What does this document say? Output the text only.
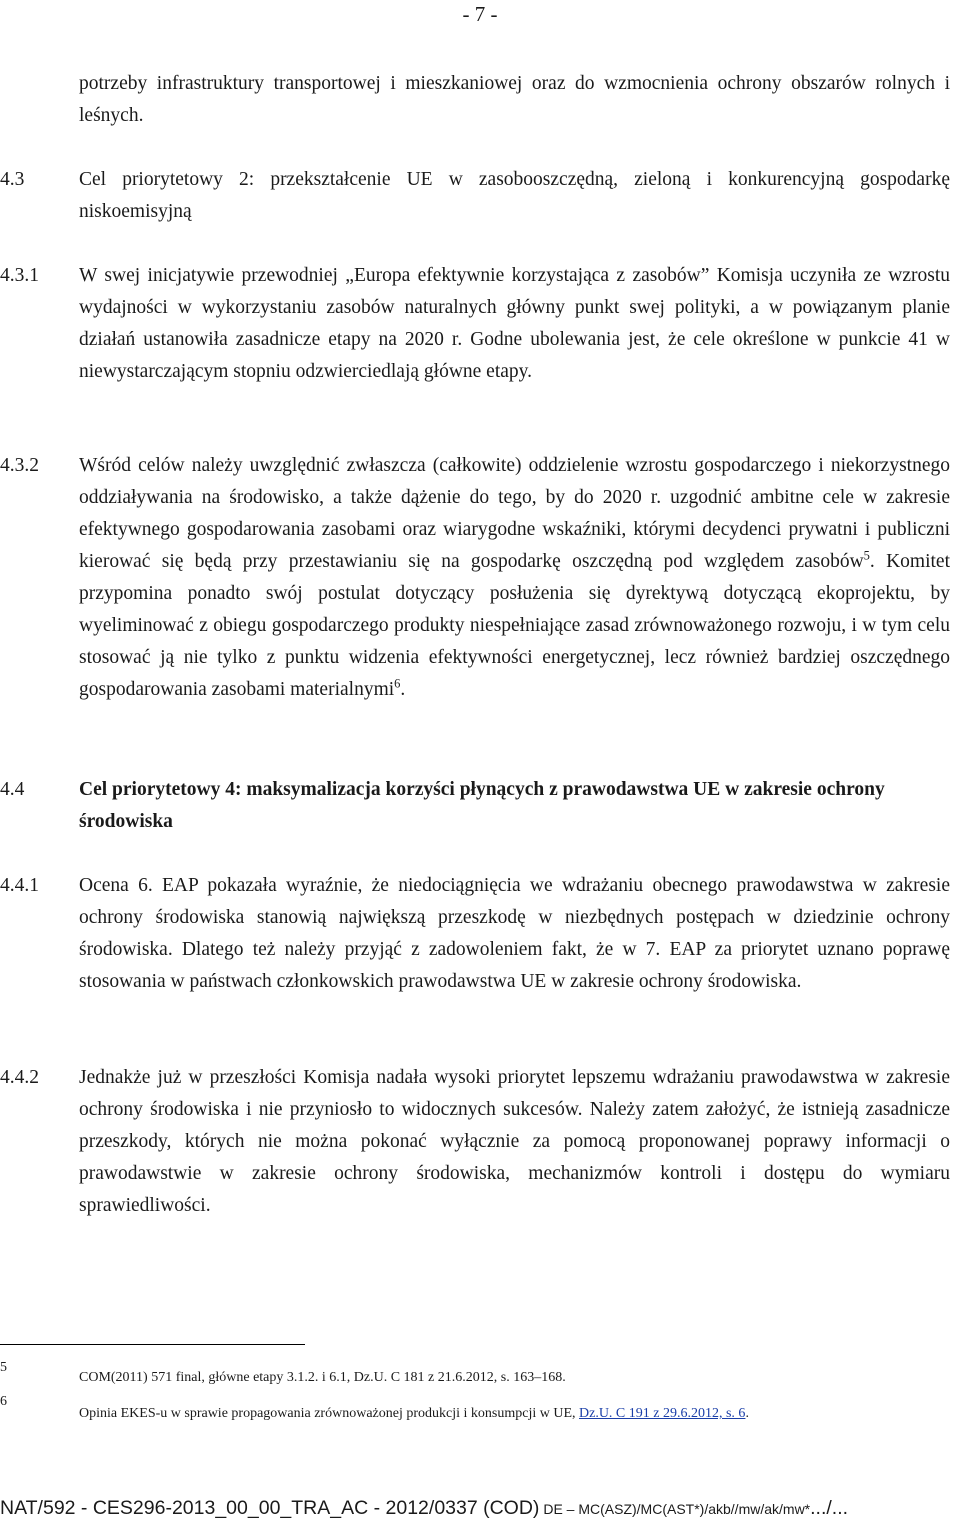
- 7 -
potrzeby infrastruktury transportowej i mieszkaniowej oraz do wzmocnienia ochrony obszarów rolnych i leśnych.
4.3	Cel priorytetowy 2: przekształcenie UE w zasobooszczędną, zieloną i konkurencyjną gospodarkę niskoemisyjną
4.3.1 W swej inicjatywie przewodniej „Europa efektywnie korzystająca z zasobów” Komisja uczyniła ze wzrostu wydajności w wykorzystaniu zasobów naturalnych główny punkt swej polityki, a w powiązanym planie działań ustanowiła zasadnicze etapy na 2020 r. Godne ubolewania jest, że cele określone w punkcie 41 w niewystarczającym stopniu odzwierciedlają główne etapy.
4.3.2 Wśród celów należy uwzględnić zwłaszcza (całkowite) oddzielenie wzrostu gospodarczego i niekorzystnego oddziaływania na środowisko, a także dążenie do tego, by do 2020 r. uzgodnić ambitne cele w zakresie efektywnego gospodarowania zasobami oraz wiarygodne wskaźniki, którymi decydenci prywatni i publiczni kierować się będą przy przestawianiu się na gospodarkę oszczędną pod względem zasobów$^5$. Komitet przypomina ponadto swój postulat dotyczący posłużenia się dyrektywą dotyczącą ekoprojektu, by wyeliminować z obiegu gospodarczego produkty niespełniające zasad zrównoważonego rozwoju, i w tym celu stosować ją nie tylko z punktu widzenia efektywności energetycznej, lecz również bardziej oszczędnego gospodarowania zasobami materialnymi$^6$.
4.4	Cel priorytetowy 4: maksymalizacja korzyści płynących z prawodawstwa UE w zakresie ochrony środowiska
4.4.1 Ocena 6. EAP pokazała wyraźnie, że niedociągnięcia we wdrażaniu obecnego prawodawstwa w zakresie ochrony środowiska stanowią największą przeszkodę w niezbędnych postępach w dziedzinie ochrony środowiska. Dlatego też należy przyjąć z zadowoleniem fakt, że w 7. EAP za priorytet uznano poprawę stosowania w państwach członkowskich prawodawstwa UE w zakresie ochrony środowiska.
4.4.2 Jednakże już w przeszłości Komisja nadała wysoki priorytet lepszemu wdrażaniu prawodawstwa w zakresie ochrony środowiska i nie przyniosło to widocznych sukcesów. Należy zatem założyć, że istnieją zasadnicze przeszkody, których nie można pokonać wyłącznie za pomocą proponowanej poprawy informacji o prawodawstwie w zakresie ochrony środowiska, mechanizmów kontroli i dostępu do wymiaru sprawiedliwości.
5
COM(2011) 571 final, główne etapy 3.1.2. i 6.1, Dz.U. C 181 z 21.6.2012, s. 163–168.
6
Opinia EKES-u w sprawie propagowania zrównoważonej produkcji i konsumpcji w UE, Dz.U. C 191 z 29.6.2012, s. 6.
NAT/592 - CES296-2013_00_00_TRA_AC - 2012/0337 (COD) DE – MC(ASZ)/MC(AST*)/akb//mw/ak/mw*.../...
